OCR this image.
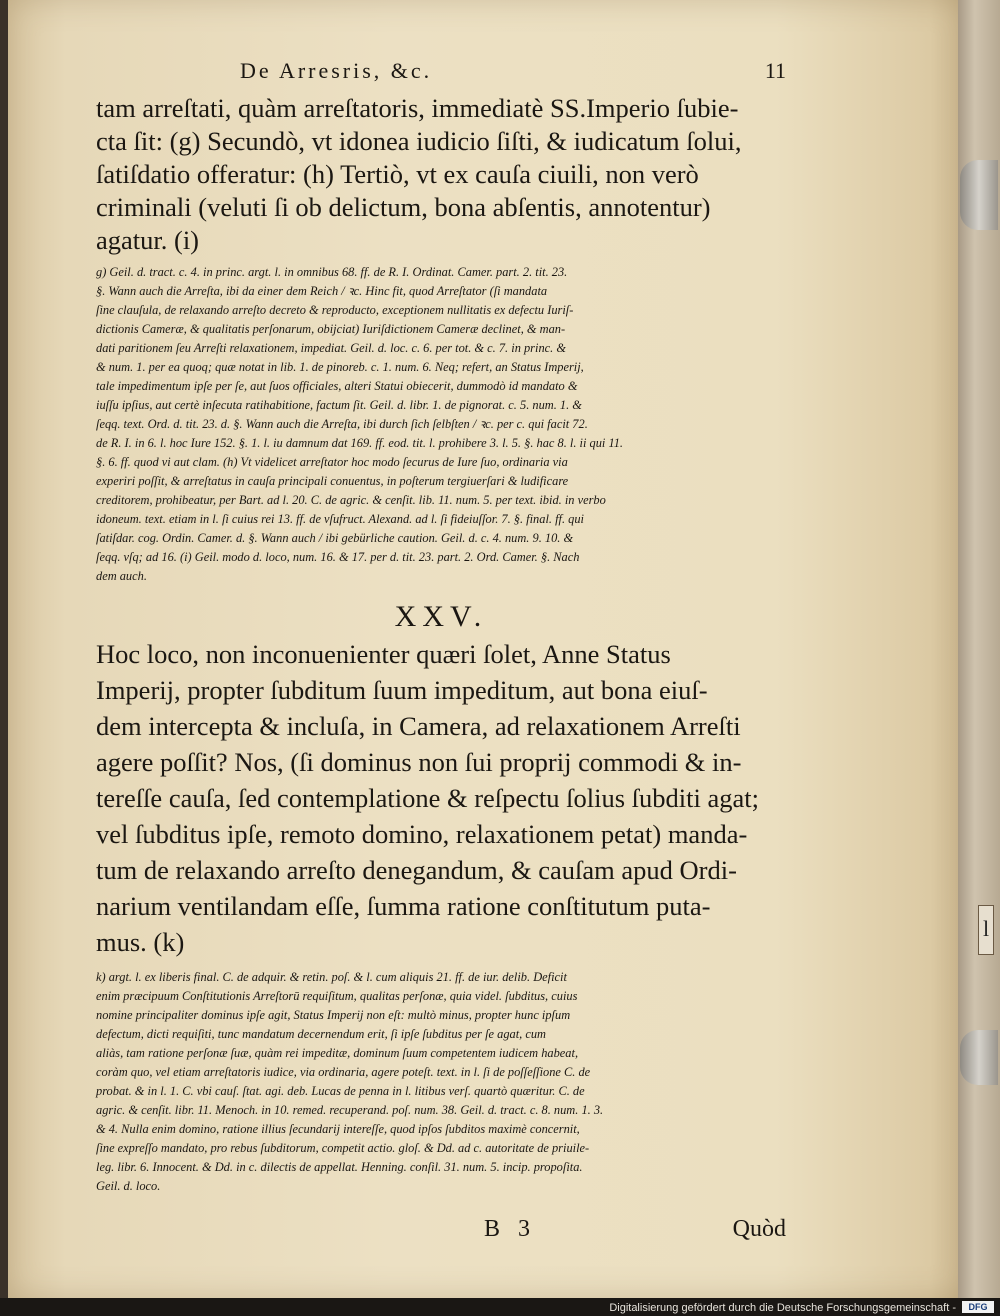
De Arresris, &c.	11

tam arreſtati, quàm arreſtatoris, immediatè SS.Imperio ſubie-

cta ſit: (g) Secundò, vt idonea iudicio ſiſti, & iudicatum ſolui,

ſatiſdatio offeratur: (h) Tertiò, vt ex cauſa ciuili, non verò

criminali (veluti ſi ob delictum, bona abſentis, annotentur)

agatur. (i)

g) Geil. d. tract. c. 4. in princ. argt. l. in omnibus 68. ff. de R. I. Ordinat. Camer. part. 2. tit. 23.

§. Wann auch die Arreſta, ibi da einer dem Reich / ꝛc. Hinc fit, quod Arreſtator (ſi mandata

ſine clauſula, de relaxando arreſto decreto & reproducto, exceptionem nullitatis ex defectu Iuriſ-

dictionis Cameræ, & qualitatis perſonarum, obijciat) Iuriſdictionem Cameræ declinet, & man-

dati paritionem ſeu Arreſti relaxationem, impediat. Geil. d. loc. c. 6. per tot. & c. 7. in princ. &

& num. 1. per ea quoq; quæ notat in lib. 1. de pinoreb. c. 1. num. 6. Neq; refert, an Status Imperij,

tale impedimentum ipſe per ſe, aut ſuos officiales, alteri Statui obiecerit, dummodò id mandato &

iuſſu ipſius, aut certè inſecuta ratihabitione, factum ſit. Geil. d. libr. 1. de pignorat. c. 5. num. 1. &

ſeqq. text. Ord. d. tit. 23. d. §. Wann auch die Arreſta, ibi durch ſich ſelbſten / ꝛc. per c. qui facit 72.

de R. I. in 6. l. hoc Iure 152. §. 1. l. iu damnum dat 169. ff. eod. tit. l. prohibere 3. l. 5. §. hac 8. l. ii qui 11.

§. 6. ff. quod vi aut clam. (h) Vt videlicet arreſtator hoc modo ſecurus de Iure ſuo, ordinaria via

experiri poſſit, & arreſtatus in cauſa principali conuentus, in poſterum tergiuerſari & ludificare

creditorem, prohibeatur, per Bart. ad l. 20. C. de agric. & cenſit. lib. 11. num. 5. per text. ibid. in verbo

idoneum. text. etiam in l. ſi cuius rei 13. ff. de vſufruct. Alexand. ad l. ſi fideiuſſor. 7. §. final. ff. qui

ſatiſdar. cog. Ordin. Camer. d. §. Wann auch / ibi gebürliche caution. Geil. d. c. 4. num. 9. 10. &

ſeqq. vſq; ad 16. (i) Geil. modo d. loco, num. 16. & 17. per d. tit. 23. part. 2. Ord. Camer. §. Nach

dem auch.

XXV.

Hoc loco, non inconuenienter quæri ſolet, Anne Status

Imperij, propter ſubditum ſuum impeditum, aut bona eiuſ-

dem intercepta & incluſa, in Camera, ad relaxationem Arreſti

agere poſſit? Nos, (ſi dominus non ſui proprij commodi & in-

tereſſe cauſa, ſed contemplatione & reſpectu ſolius ſubditi agat;

vel ſubditus ipſe, remoto domino, relaxationem petat) manda-

tum de relaxando arreſto denegandum, & cauſam apud Ordi-

narium ventilandam eſſe, ſumma ratione conſtitutum puta-

mus. (k)

k) argt. l. ex liberis final. C. de adquir. & retin. poſ. & l. cum aliquis 21. ff. de iur. delib. Deficit

enim præcipuum Conſtitutionis Arreſtorū requiſitum, qualitas perſonæ, quia videl. ſubditus, cuius

nomine principaliter dominus ipſe agit, Status Imperij non eſt: multò minus, propter hunc ipſum

defectum, dicti requiſiti, tunc mandatum decernendum erit, ſi ipſe ſubditus per ſe agat, cum

aliàs, tam ratione perſonæ ſuæ, quàm rei impeditæ, dominum ſuum competentem iudicem habeat,

coràm quo, vel etiam arreſtatoris iudice, via ordinaria, agere poteſt. text. in l. ſi de poſſeſſione C. de

probat. & in l. 1. C. vbi cauſ. ſtat. agi. deb. Lucas de penna in l. litibus verſ. quartò quæritur. C. de

agric. & cenſit. libr. 11. Menoch. in 10. remed. recuperand. poſ. num. 38. Geil. d. tract. c. 8. num. 1. 3.

& 4. Nulla enim domino, ratione illius ſecundarij intereſſe, quod ipſos ſubditos maximè concernit,

ſine expreſſo mandato, pro rebus ſubditorum, competit actio. gloſ. & Dd. ad c. autoritate de priuile-

leg. libr. 6. Innocent. & Dd. in c. dilectis de appellat. Henning. conſil. 31. num. 5. incip. propoſita.

Geil. d. loco.

B 3	Quòd
l
Digitalisierung gefördert durch die Deutsche Forschungsgemeinschaft -	DFG
